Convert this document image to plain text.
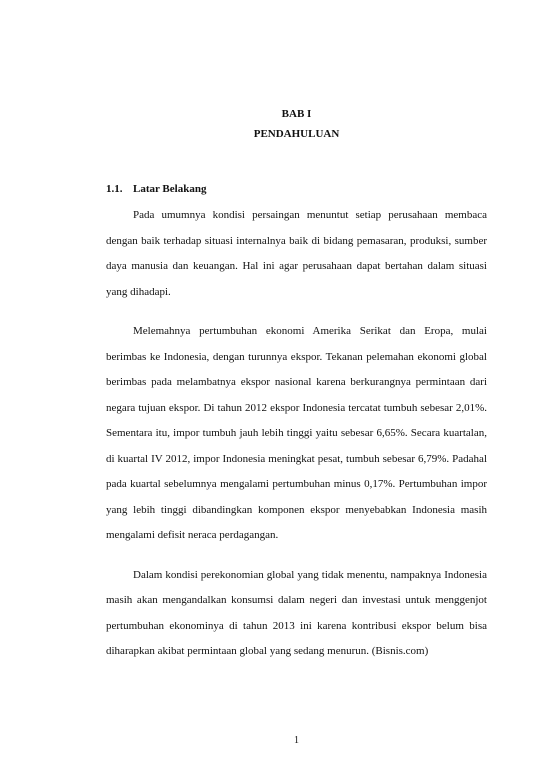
BAB I
PENDAHULUAN
1.1. Latar Belakang

Pada umumnya kondisi persaingan menuntut setiap perusahaan membaca dengan baik terhadap situasi internalnya baik di bidang pemasaran, produksi, sumber daya manusia dan keuangan. Hal ini agar perusahaan dapat bertahan dalam situasi yang dihadapi.

Melemahnya pertumbuhan ekonomi Amerika Serikat dan Eropa, mulai berimbas ke Indonesia, dengan turunnya ekspor. Tekanan pelemahan ekonomi global berimbas pada melambatnya ekspor nasional karena berkurangnya permintaan dari negara tujuan ekspor. Di tahun 2012 ekspor Indonesia tercatat tumbuh sebesar 2,01%. Sementara itu, impor tumbuh jauh lebih tinggi yaitu sebesar 6,65%. Secara kuartalan, di kuartal IV 2012, impor Indonesia meningkat pesat, tumbuh sebesar 6,79%. Padahal pada kuartal sebelumnya mengalami pertumbuhan minus 0,17%. Pertumbuhan impor yang lebih tinggi dibandingkan komponen ekspor menyebabkan Indonesia masih mengalami defisit neraca perdagangan.

Dalam kondisi perekonomian global yang tidak menentu, nampaknya Indonesia masih akan mengandalkan konsumsi dalam negeri dan investasi untuk menggenjot pertumbuhan ekonominya di tahun 2013 ini karena kontribusi ekspor belum bisa diharapkan akibat permintaan global yang sedang menurun. (Bisnis.com)

1
